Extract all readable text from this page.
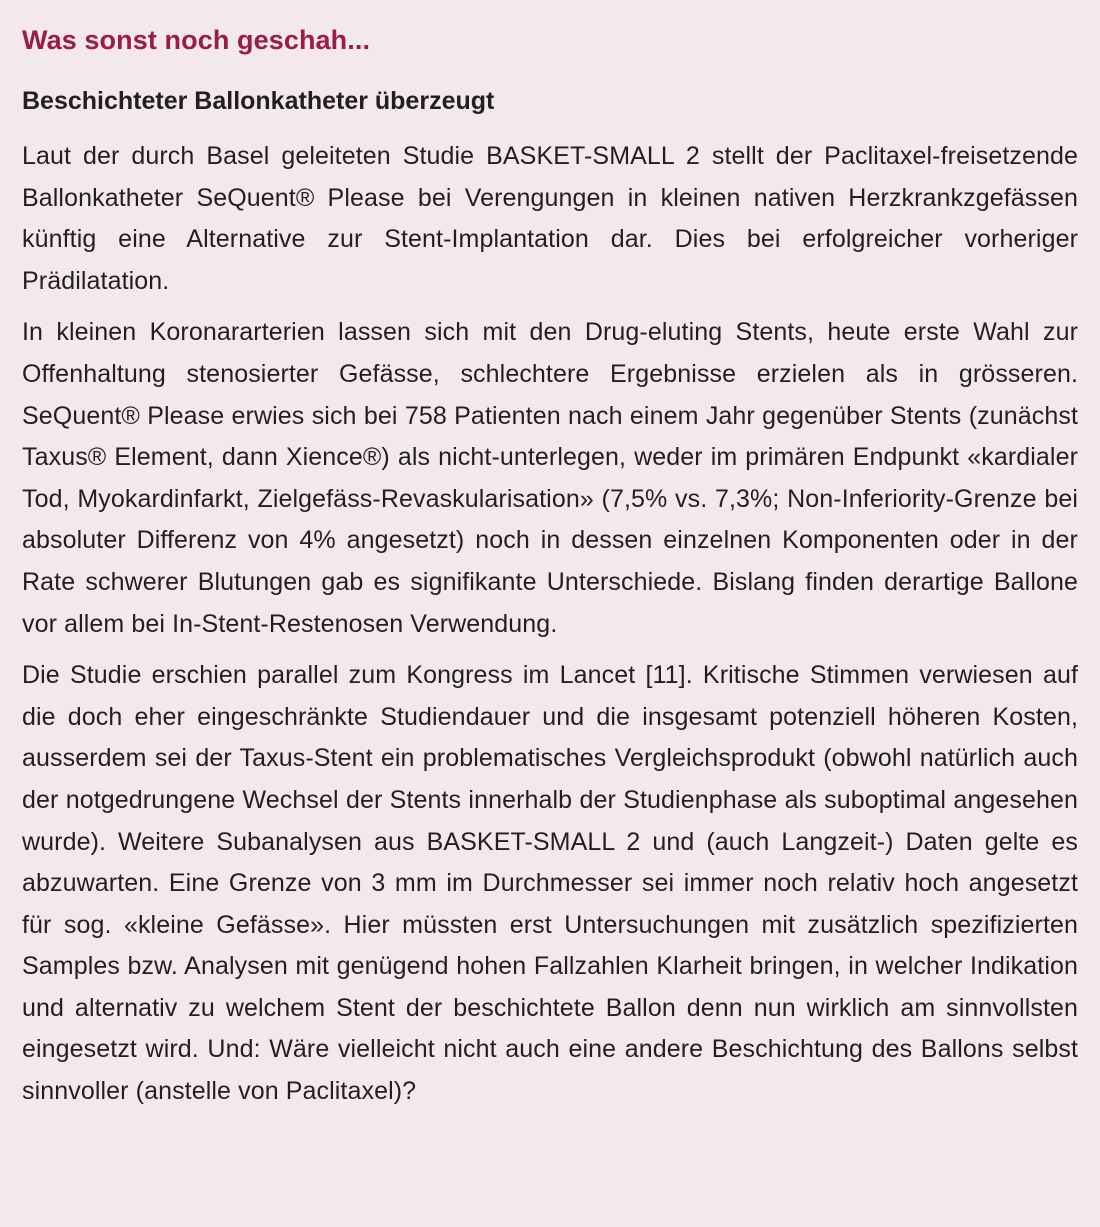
Was sonst noch geschah...
Beschichteter Ballonkatheter überzeugt

Laut der durch Basel geleiteten Studie BASKET-SMALL 2 stellt der Paclitaxel-freisetzende Ballonkatheter SeQuent® Please bei Verengungen in kleinen nativen Herzkrankzgefässen künftig eine Alternative zur Stent-Implantation dar. Dies bei erfolgreicher vorheriger Prädilatation.

In kleinen Koronararterien lassen sich mit den Drug-eluting Stents, heute erste Wahl zur Offenhaltung stenosierter Gefässe, schlechtere Ergebnisse erzielen als in grösseren. SeQuent® Please erwies sich bei 758 Patienten nach einem Jahr gegenüber Stents (zunächst Taxus® Element, dann Xience®) als nicht-unterlegen, weder im primären Endpunkt «kardialer Tod, Myokardinfarkt, Zielgefäss-Revaskularisation» (7,5% vs. 7,3%; Non-Inferiority-Grenze bei absoluter Differenz von 4% angesetzt) noch in dessen einzelnen Komponenten oder in der Rate schwerer Blutungen gab es signifikante Unterschiede. Bislang finden derartige Ballone vor allem bei In-Stent-Restenosen Verwendung.

Die Studie erschien parallel zum Kongress im Lancet [11]. Kritische Stimmen verwiesen auf die doch eher eingeschränkte Studiendauer und die insgesamt potenziell höheren Kosten, ausserdem sei der Taxus-Stent ein problematisches Vergleichsprodukt (obwohl natürlich auch der notgedrungene Wechsel der Stents innerhalb der Studienphase als suboptimal angesehen wurde). Weitere Subanalysen aus BASKET-SMALL 2 und (auch Langzeit-) Daten gelte es abzuwarten. Eine Grenze von 3 mm im Durchmesser sei immer noch relativ hoch angesetzt für sog. «kleine Gefässe». Hier müssten erst Untersuchungen mit zusätzlich spezifizierten Samples bzw. Analysen mit genügend hohen Fallzahlen Klarheit bringen, in welcher Indikation und alternativ zu welchem Stent der beschichtete Ballon denn nun wirklich am sinnvollsten eingesetzt wird. Und: Wäre vielleicht nicht auch eine andere Beschichtung des Ballons selbst sinnvoller (anstelle von Paclitaxel)?
